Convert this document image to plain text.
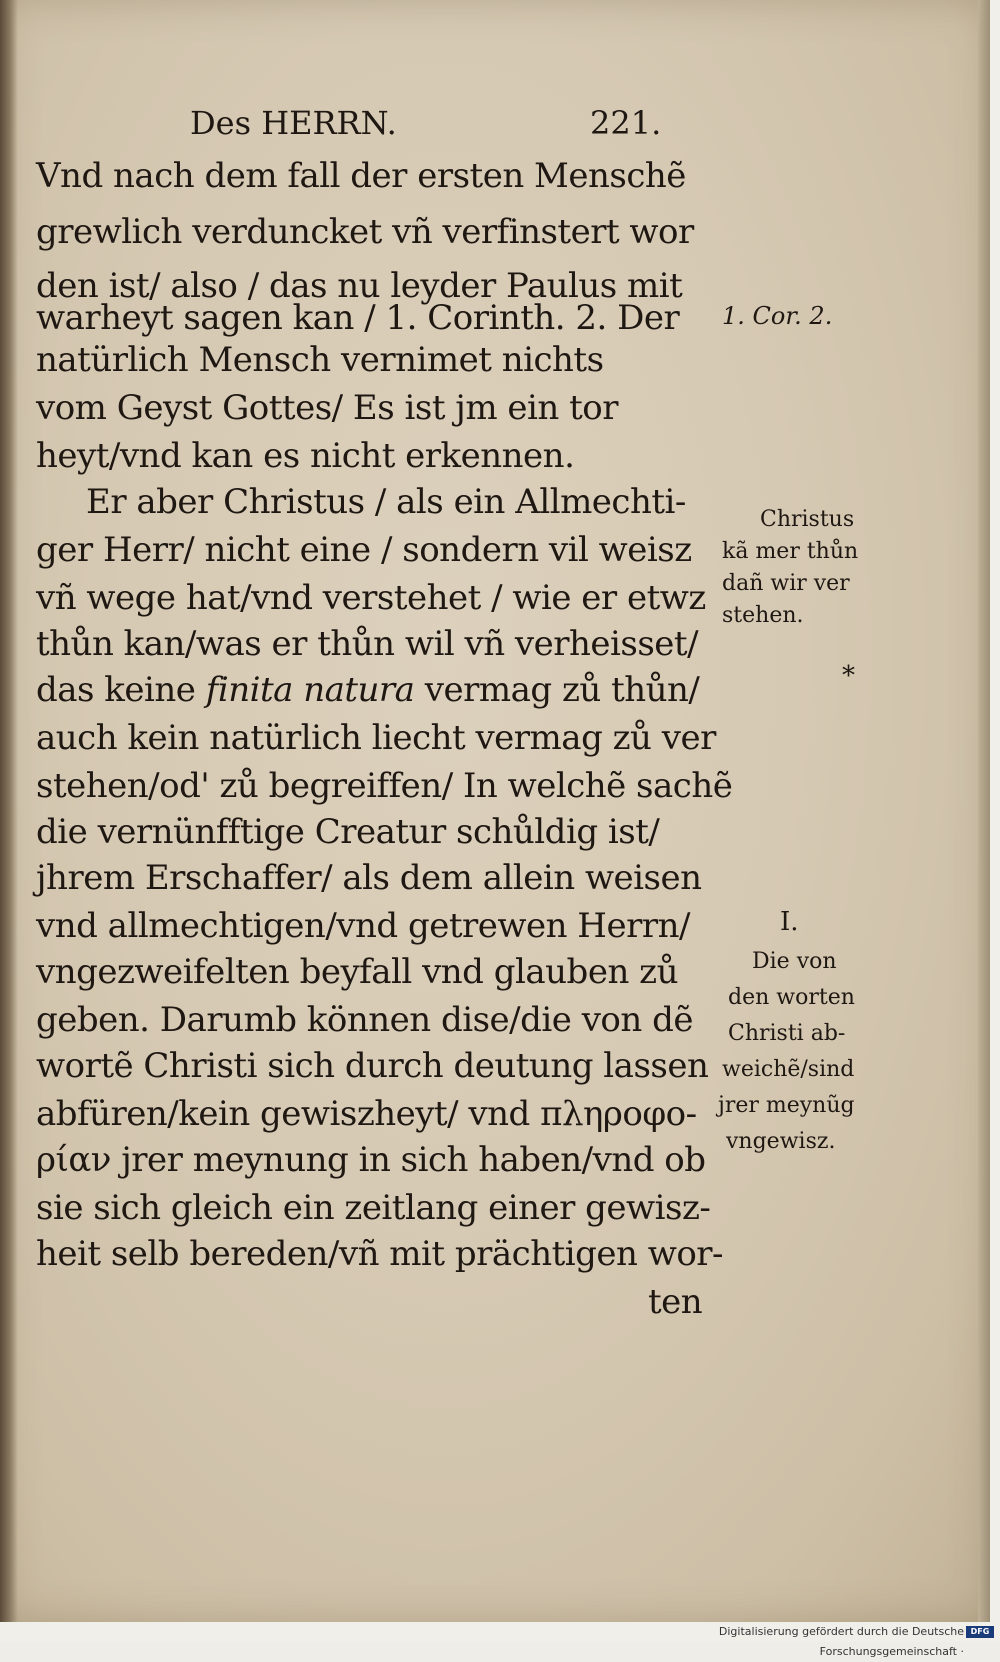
Des HERRN.	221.
Vnd nach dem fall der ersten Menschẽ
grewlich verduncket vñ verfinstert wor
den ist/ also / das nu leyder Paulus mit
warheyt sagen kan / 1. Corinth. 2. Der
natürlich Mensch vernimet nichts
vom Geyst Gottes/ Es ist jm ein tor
heyt/vnd kan es nicht erkennen.
Er aber Christus / als ein Allmechti-
ger Herr/ nicht eine / sondern vil weisz
vñ wege hat/vnd verstehet / wie er etwz
thůn kan/was er thůn wil vñ verheisset/
das keine finita natura vermag zů thůn/
auch kein natürlich liecht vermag zů ver
stehen/od' zů begreiffen/ In welchẽ sachẽ
die vernünfftige Creatur schůldig ist/
jhrem Erschaffer/ als dem allein weisen
vnd allmechtigen/vnd getrewen Herrn/
vngezweifelten beyfall vnd glauben zů
geben. Darumb können dise/die von dẽ
wortẽ Christi sich durch deutung lassen
abfüren/kein gewiszheyt/ vnd πληροφο-
ρίαν jrer meynung in sich haben/vnd ob
sie sich gleich ein zeitlang einer gewisz-
heit selb bereden/vñ mit prächtigen wor-
ten
1. Cor. 2.
Christus
kã mer thůn
dañ wir ver
stehen.
*
I.
Die von
den worten
Christi ab-
weichẽ/sind
jrer meynũg
vngewisz.
Digitalisierung gefördert durch die Deutsche Forschungsgemeinschaft ·
DFG
